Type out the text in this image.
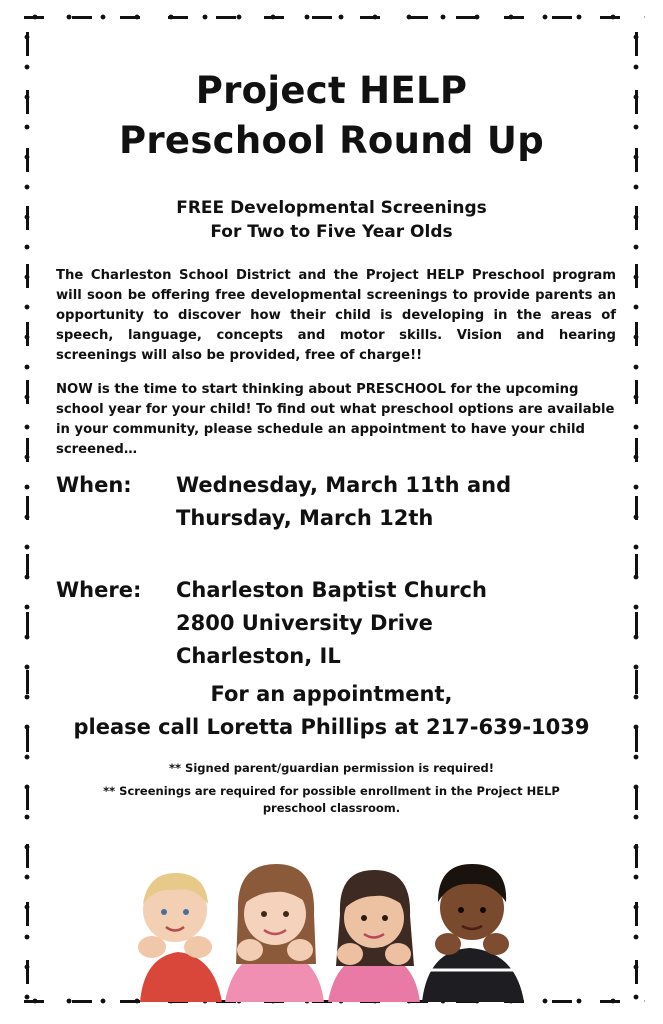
Project HELP
Preschool Round Up
FREE Developmental Screenings
For Two to Five Year Olds
The Charleston School District and the Project HELP Preschool program will soon be offering free developmental screenings to provide parents an opportunity to discover how their child is developing in the areas of speech, language, concepts and motor skills. Vision and hearing screenings will also be provided, free of charge!!
NOW is the time to start thinking about PRESCHOOL for the upcoming school year for your child! To find out what preschool options are available in your community, please schedule an appointment to have your child screened…
When:	Wednesday, March 11th and
Thursday, March 12th
Where:	Charleston Baptist Church
2800 University Drive
Charleston, IL
For an appointment,
please call Loretta Phillips at 217-639-1039
** Signed parent/guardian permission is required!
** Screenings are required for possible enrollment in the Project HELP preschool classroom.
